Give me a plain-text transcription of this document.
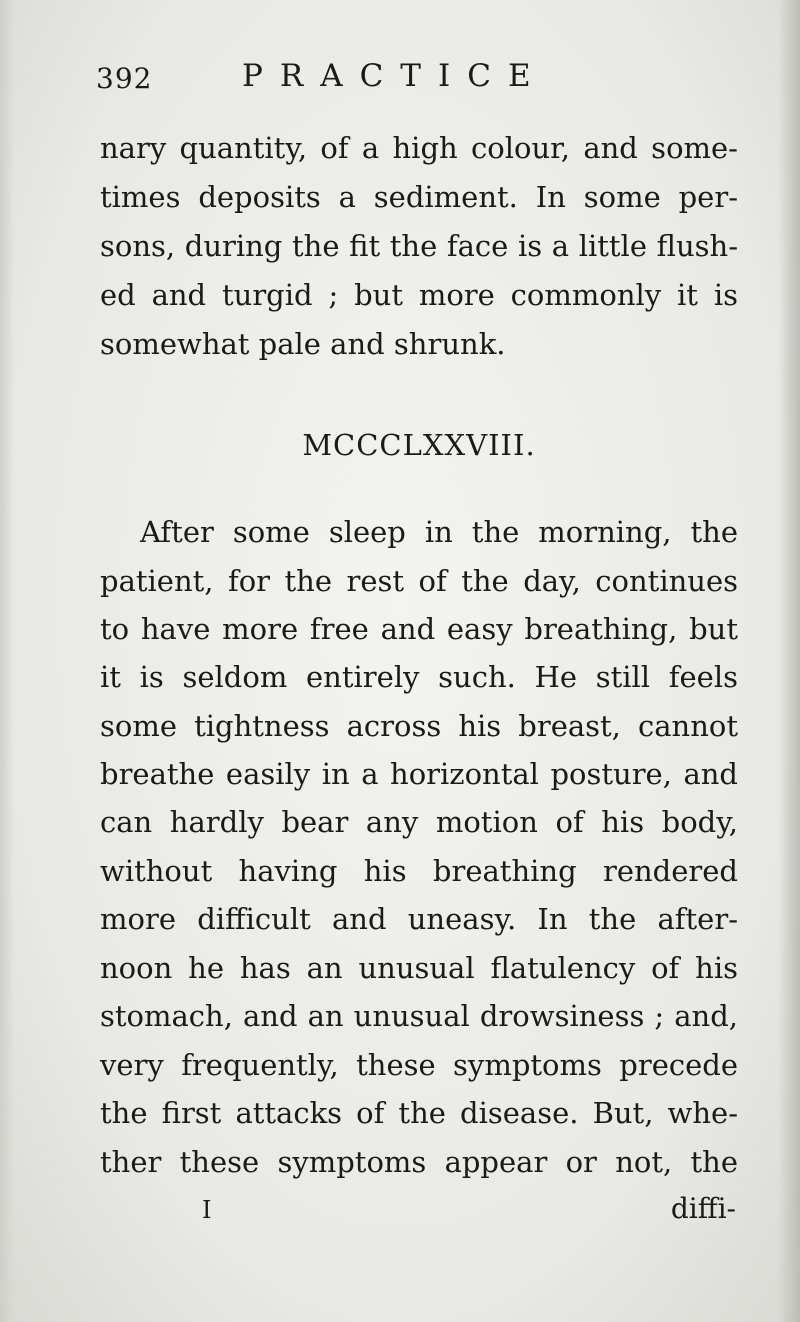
392	PRACTICE
nary quantity, of a high colour, and some-
times deposits a sediment. In some per-
sons, during the fit the face is a little flush-
ed and turgid ; but more commonly it is
somewhat pale and shrunk.
MCCCLXXVIII.
After some sleep in the morning, the
patient, for the rest of the day, continues
to have more free and easy breathing, but
it is seldom entirely such. He still feels
some tightness across his breast, cannot
breathe easily in a horizontal posture, and
can hardly bear any motion of his body,
without having his breathing rendered
more difficult and uneasy. In the after-
noon he has an unusual flatulency of his
stomach, and an unusual drowsiness ; and,
very frequently, these symptoms precede
the first attacks of the disease. But, whe-
ther these symptoms appear or not, the
I	diffi-
